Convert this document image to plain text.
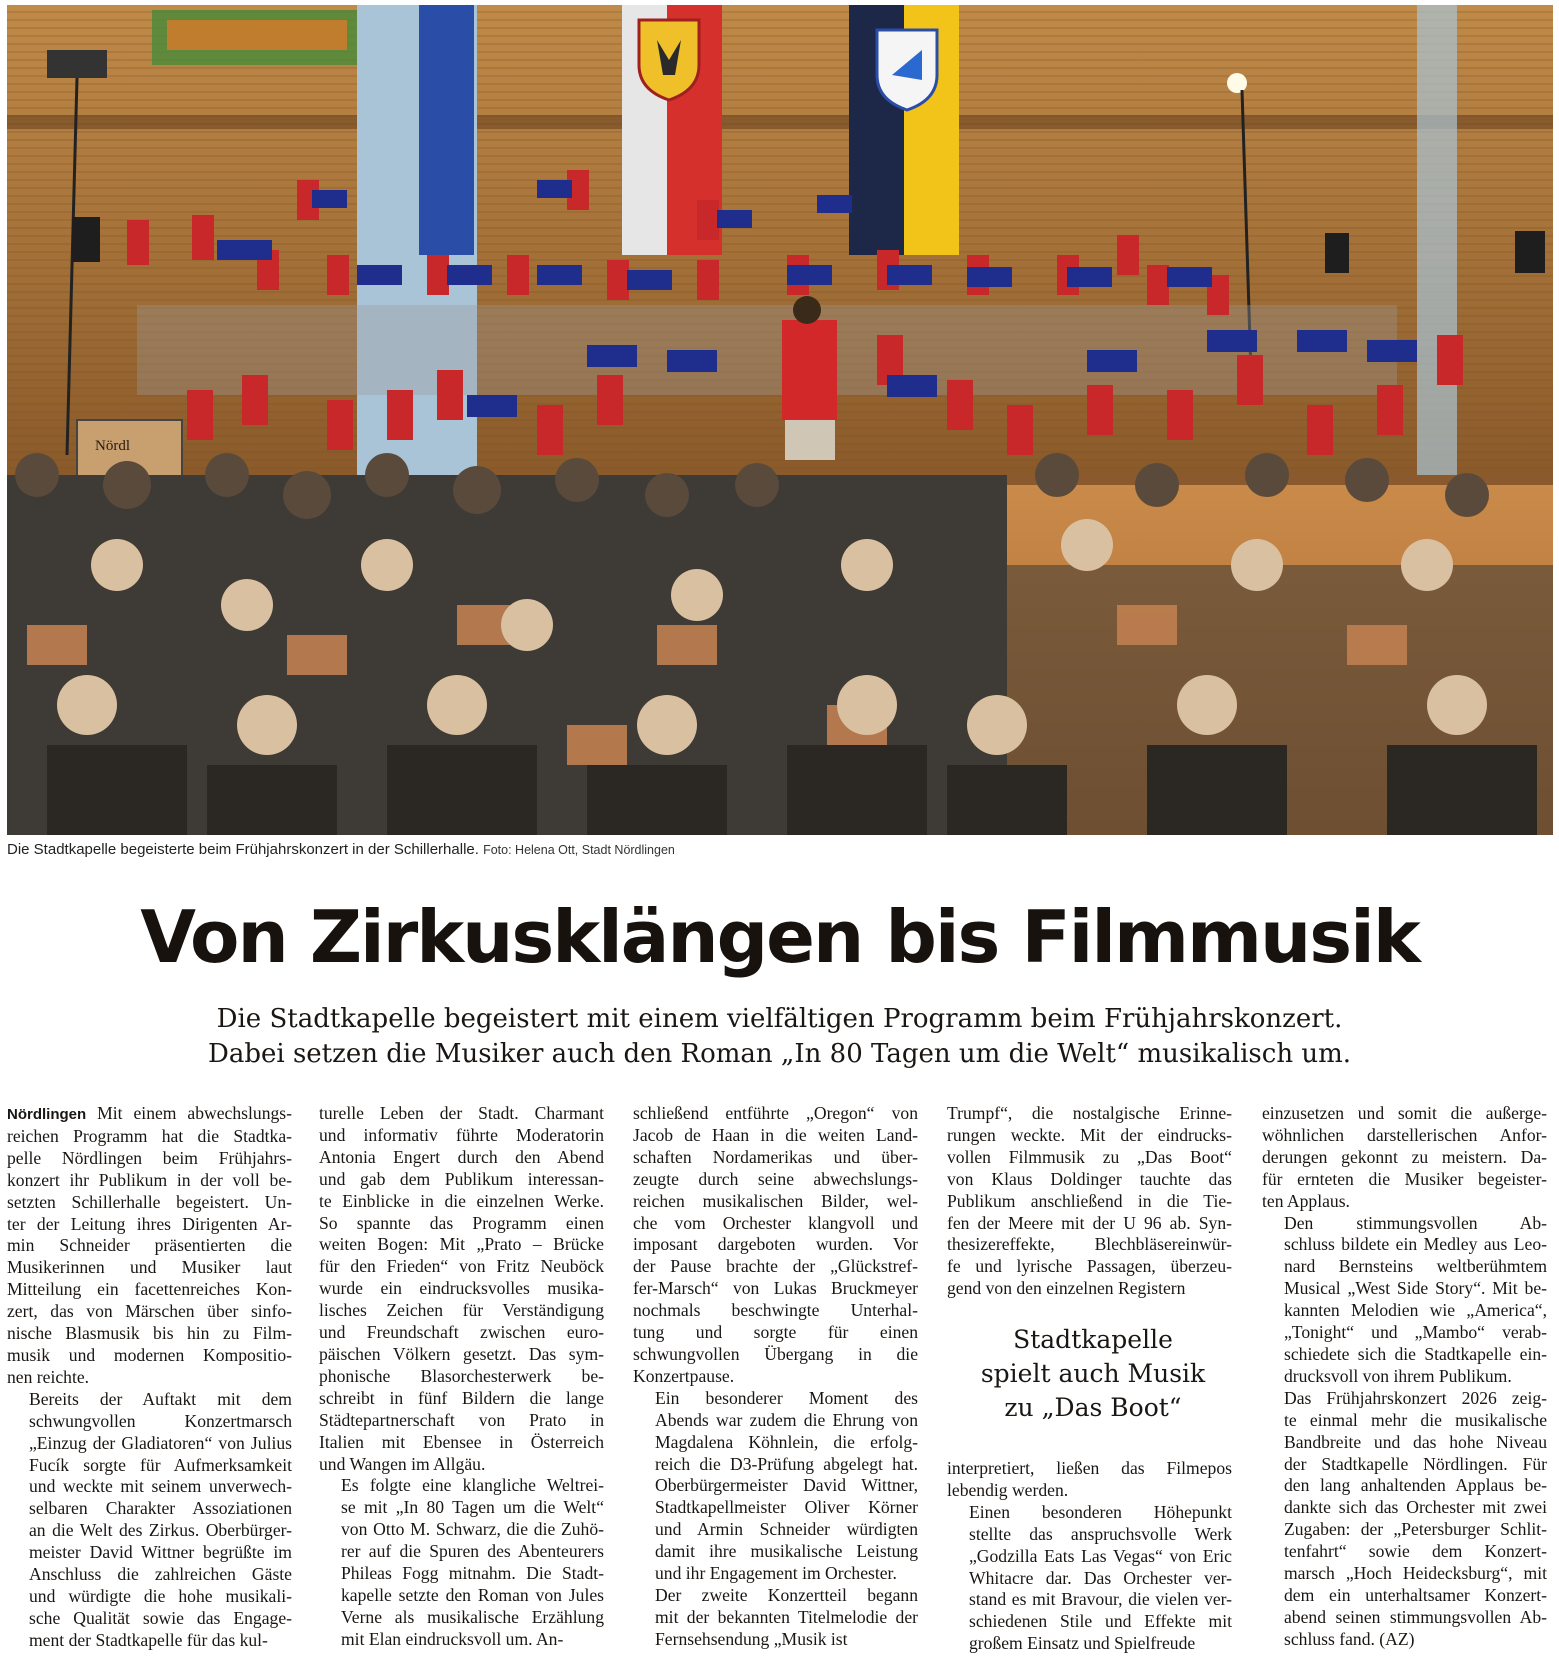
Nördl
Die Stadtkapelle begeisterte beim Frühjahrskonzert in der Schillerhalle. Foto: Helena Ott, Stadt Nördlingen
Von Zirkusklängen bis Filmmusik
Die Stadtkapelle begeistert mit einem vielfältigen Programm beim Frühjahrskonzert.
Dabei setzen die Musiker auch den Roman „In 80 Tagen um die Welt“ musikalisch um.

Nördlingen Mit einem abwechslungs-

reichen Programm hat die Stadtka-
pelle Nördlingen beim Frühjahrs-
konzert ihr Publikum in der voll be-
setzten Schillerhalle begeistert. Un-
ter der Leitung ihres Dirigenten Ar-
min Schneider präsentierten die
Musikerinnen und Musiker laut
Mitteilung ein facettenreiches Kon-
zert, das von Märschen über sinfo-
nische Blasmusik bis hin zu Film-
musik und modernen Kompositio-
nen reichte.

Bereits der Auftakt mit dem
schwungvollen Konzertmarsch
„Einzug der Gladiatoren“ von Julius
Fucík sorgte für Aufmerksamkeit
und weckte mit seinem unverwech-
selbaren Charakter Assoziationen
an die Welt des Zirkus. Oberbürger-
meister David Wittner begrüßte im
Anschluss die zahlreichen Gäste
und würdigte die hohe musikali-
sche Qualität sowie das Engage-
ment der Stadtkapelle für das kul-

turelle Leben der Stadt. Charmant
und informativ führte Moderatorin
Antonia Engert durch den Abend
und gab dem Publikum interessan-
te Einblicke in die einzelnen Werke.
So spannte das Programm einen
weiten Bogen: Mit „Prato – Brücke
für den Frieden“ von Fritz Neuböck
wurde ein eindrucksvolles musika-
lisches Zeichen für Verständigung
und Freundschaft zwischen euro-
päischen Völkern gesetzt. Das sym-
phonische Blasorchesterwerk be-
schreibt in fünf Bildern die lange
Städtepartnerschaft von Prato in
Italien mit Ebensee in Österreich
und Wangen im Allgäu.

Es folgte eine klangliche Weltrei-
se mit „In 80 Tagen um die Welt“
von Otto M. Schwarz, die die Zuhö-
rer auf die Spuren des Abenteurers
Phileas Fogg mitnahm. Die Stadt-
kapelle setzte den Roman von Jules
Verne als musikalische Erzählung
mit Elan eindrucksvoll um. An-

schließend entführte „Oregon“ von
Jacob de Haan in die weiten Land-
schaften Nordamerikas und über-
zeugte durch seine abwechslungs-
reichen musikalischen Bilder, wel-
che vom Orchester klangvoll und
imposant dargeboten wurden. Vor
der Pause brachte der „Glückstref-
fer-Marsch“ von Lukas Bruckmeyer
nochmals beschwingte Unterhal-
tung und sorgte für einen
schwungvollen Übergang in die
Konzertpause.

Ein besonderer Moment des
Abends war zudem die Ehrung von
Magdalena Köhnlein, die erfolg-
reich die D3-Prüfung abgelegt hat.
Oberbürgermeister David Wittner,
Stadtkapellmeister Oliver Körner
und Armin Schneider würdigten
damit ihre musikalische Leistung
und ihr Engagement im Orchester.

Der zweite Konzertteil begann
mit der bekannten Titelmelodie der
Fernsehsendung „Musik ist

Trumpf“, die nostalgische Erinne-
rungen weckte. Mit der eindrucks-
vollen Filmmusik zu „Das Boot“
von Klaus Doldinger tauchte das
Publikum anschließend in die Tie-
fen der Meere mit der U 96 ab. Syn-
thesizereffekte, Blechbläsereinwür-
fe und lyrische Passagen, überzeu-
gend von den einzelnen Registern

Stadtkapelle
spielt auch Musik
zu „Das Boot“

interpretiert, ließen das Filmepos
lebendig werden.

Einen besonderen Höhepunkt
stellte das anspruchsvolle Werk
„Godzilla Eats Las Vegas“ von Eric
Whitacre dar. Das Orchester ver-
stand es mit Bravour, die vielen ver-
schiedenen Stile und Effekte mit
großem Einsatz und Spielfreude

einzusetzen und somit die außerge-
wöhnlichen darstellerischen Anfor-
derungen gekonnt zu meistern. Da-
für ernteten die Musiker begeister-
ten Applaus.

Den stimmungsvollen Ab-
schluss bildete ein Medley aus Leo-
nard Bernsteins weltberühmtem
Musical „West Side Story“. Mit be-
kannten Melodien wie „America“,
„Tonight“ und „Mambo“ verab-
schiedete sich die Stadtkapelle ein-
drucksvoll von ihrem Publikum.

Das Frühjahrskonzert 2026 zeig-
te einmal mehr die musikalische
Bandbreite und das hohe Niveau
der Stadtkapelle Nördlingen. Für
den lang anhaltenden Applaus be-
dankte sich das Orchester mit zwei
Zugaben: der „Petersburger Schlit-
tenfahrt“ sowie dem Konzert-
marsch „Hoch Heidecksburg“, mit
dem ein unterhaltsamer Konzert-
abend seinen stimmungsvollen Ab-
schluss fand. (AZ)
